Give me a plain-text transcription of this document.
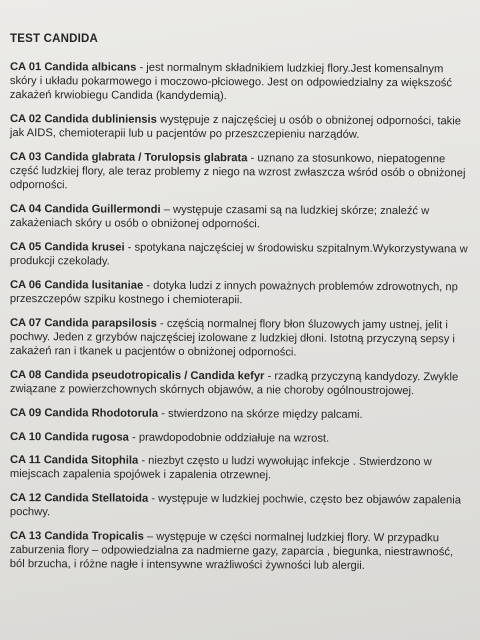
TEST CANDIDA
CA 01 Candida albicans - jest normalnym składnikiem ludzkiej flory.Jest komensalnym skóry i układu pokarmowego i moczowo-płciowego. Jest on odpowiedzialny za większość zakażeń krwiobiegu Candida (kandydemią).
CA 02 Candida dubliniensis występuje z najczęściej u osób o obniżonej odporności, takie jak AIDS, chemioterapii lub u pacjentów po przeszczepieniu narządów.
CA 03 Candida glabrata / Torulopsis glabrata - uznano za stosunkowo, niepatogenne część ludzkiej flory, ale teraz problemy z niego na wzrost zwłaszcza wśród osób o obniżonej odporności.
CA 04 Candida Guillermondi – występuje czasami są na ludzkiej skórze; znaleźć w zakażeniach skóry u osób o obniżonej odporności.
CA 05 Candida krusei - spotykana najczęściej w środowisku szpitalnym.Wykorzystywana w produkcji czekolady.
CA 06 Candida lusitaniae - dotyka ludzi z innych poważnych problemów zdrowotnych, np przeszczepów szpiku kostnego i chemioterapii.
CA 07 Candida parapsilosis - częścią normalnej flory błon śluzowych jamy ustnej, jelit i pochwy. Jeden z grzybów najczęściej izolowane z ludzkiej dłoni. Istotną przyczyną sepsy i zakażeń ran i tkanek u pacjentów o obniżonej odporności.
CA 08 Candida pseudotropicalis / Candida kefyr - rzadką przyczyną kandydozy. Zwykle związane z powierzchownych skórnych objawów, a nie choroby ogólnoustrojowej.
CA 09 Candida Rhodotorula - stwierdzono na skórze między palcami.
CA 10 Candida rugosa - prawdopodobnie oddziałuje na wzrost.
CA 11 Candida Sitophila - niezbyt często u ludzi wywołując infekcje . Stwierdzono w miejscach zapalenia spojówek i zapalenia otrzewnej.
CA 12 Candida Stellatoida - występuje w ludzkiej pochwie, często bez objawów zapalenia pochwy.
CA 13 Candida Tropicalis – występuje w części normalnej ludzkiej flory. W przypadku zaburzenia flory – odpowiedzialna za nadmierne gazy, zaparcia , biegunka, niestrawność, ból brzucha, i różne nagłe i intensywne wrażliwości żywności lub alergii.
